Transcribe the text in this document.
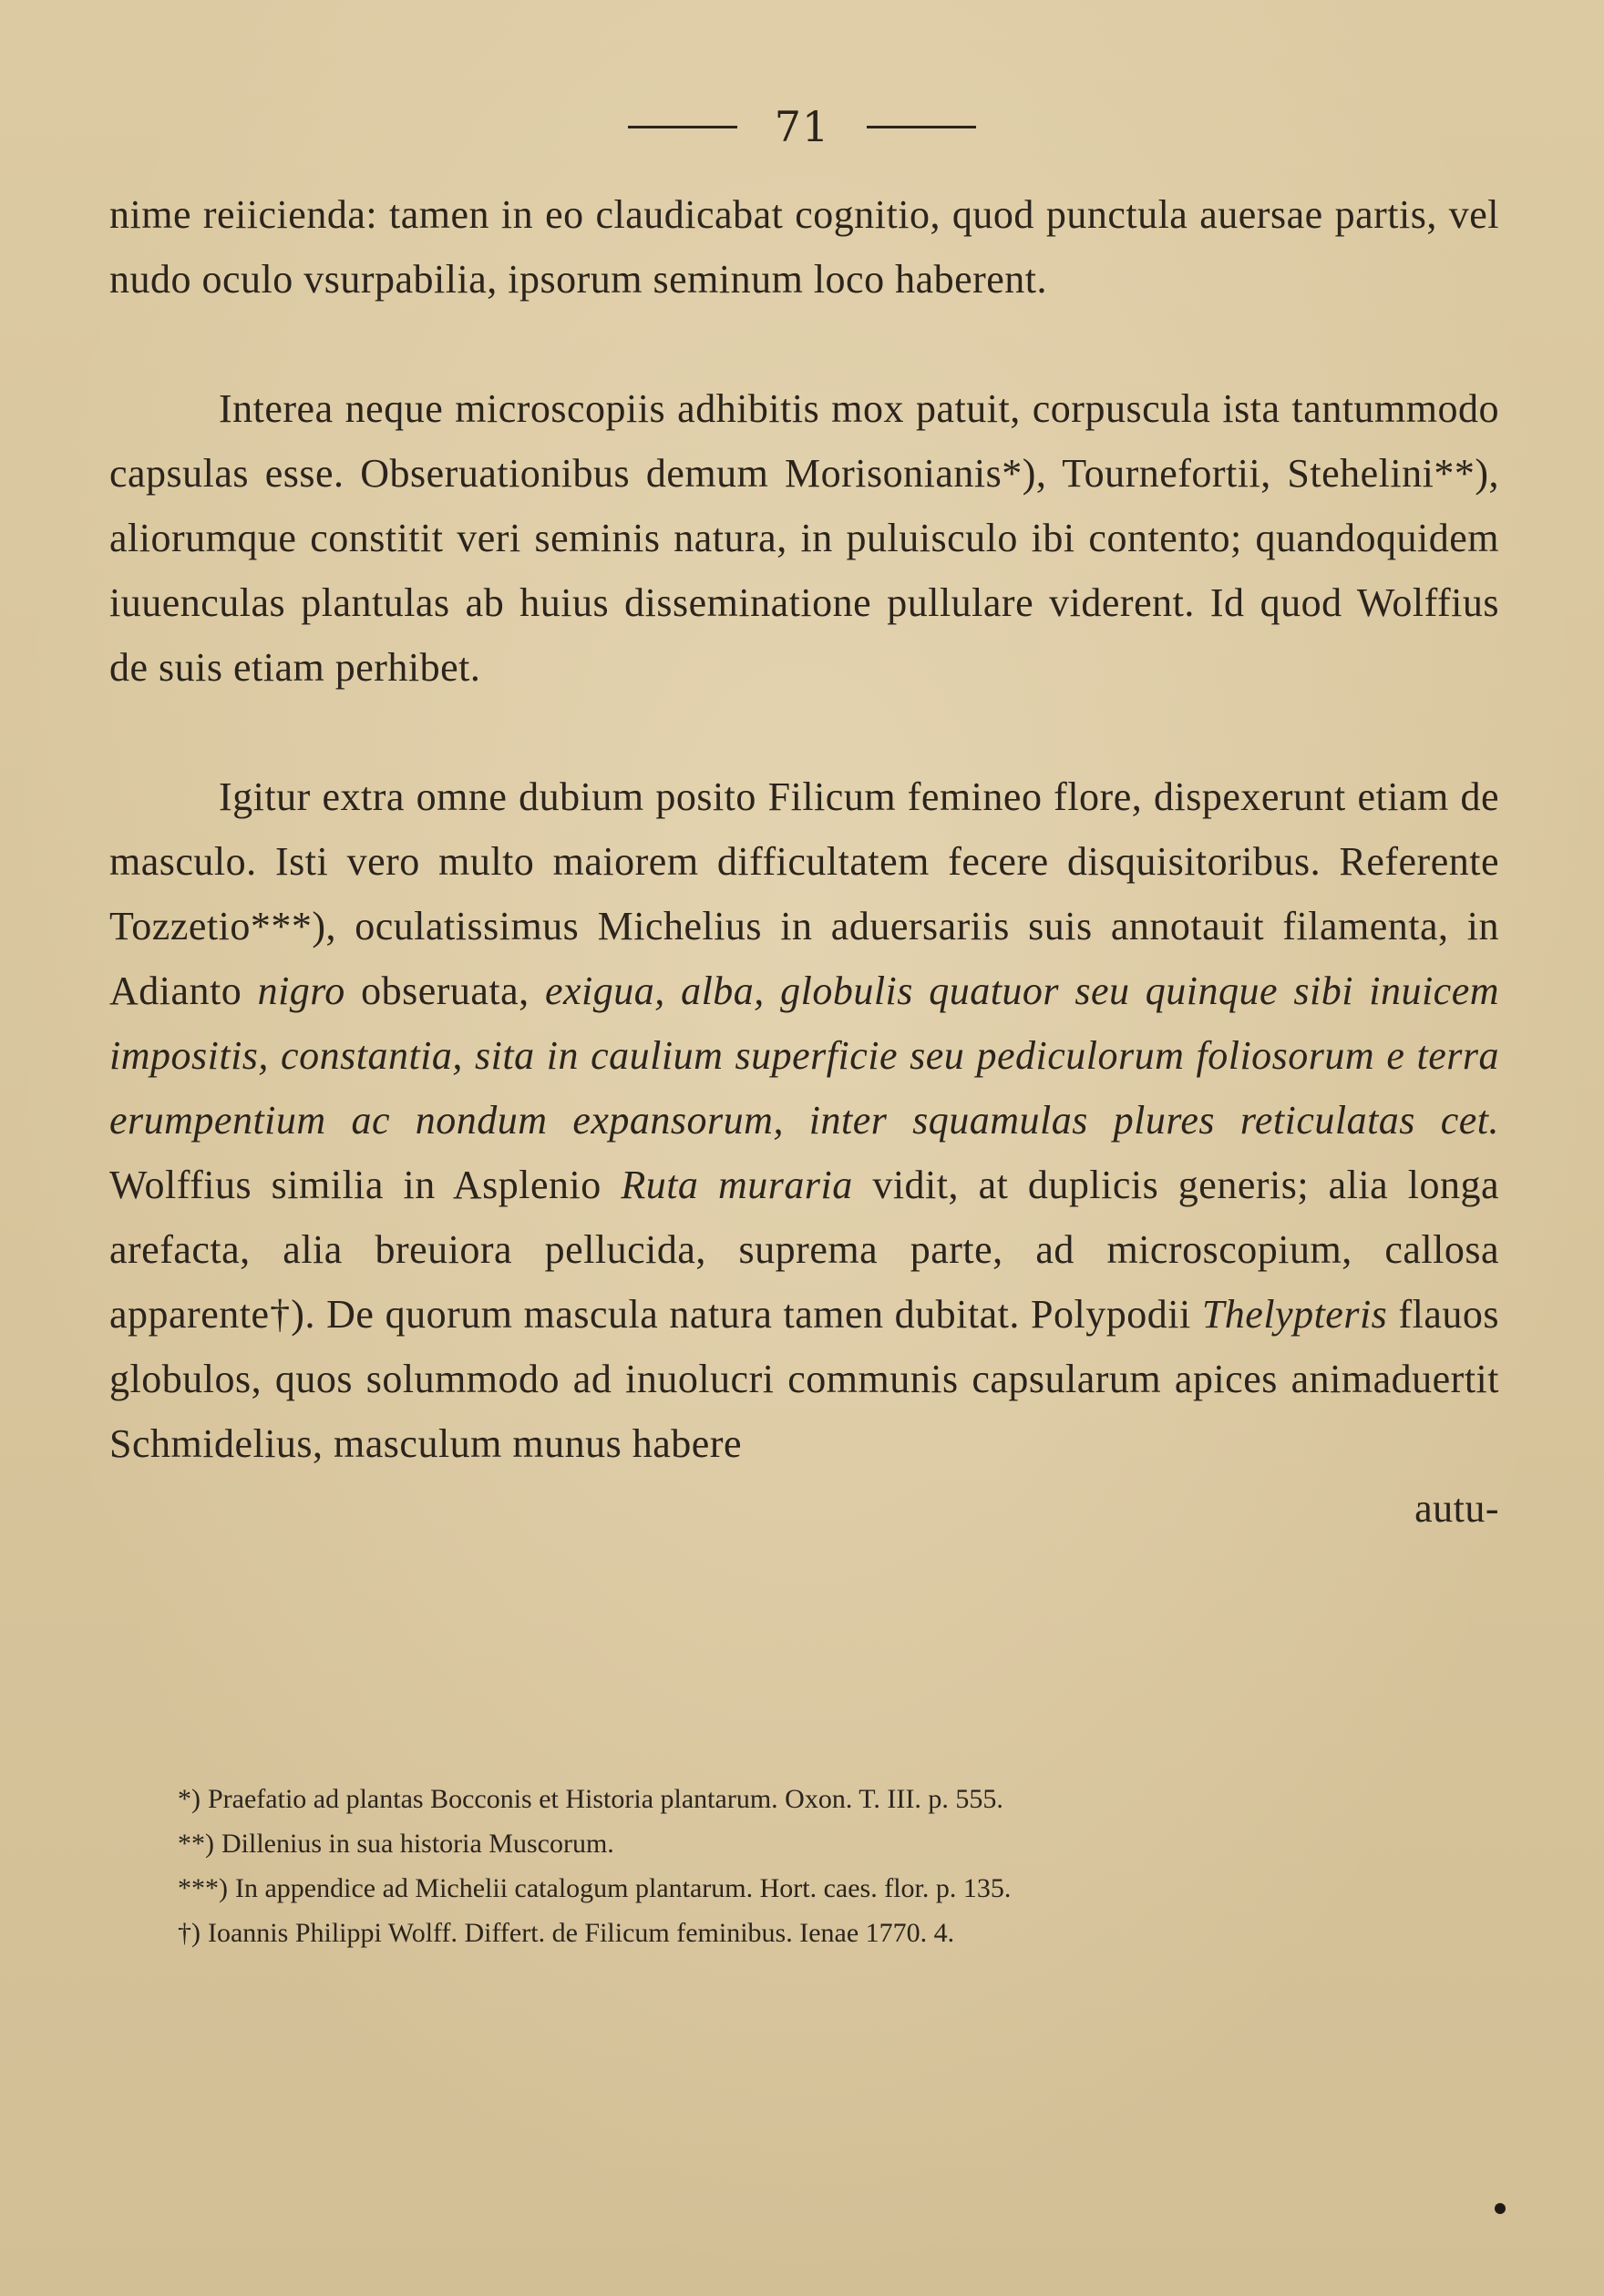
71

nime reiicienda: tamen in eo claudicabat cognitio, quod punctula auersae partis, vel nudo oculo vsurpabilia, ipsorum seminum loco haberent.

Interea neque microscopiis adhibitis mox patuit, corpuscula ista tantummodo capsulas esse. Obseruationibus demum Morisonianis*), Tournefortii, Stehelini**), aliorumque constitit veri seminis natura, in puluisculo ibi contento; quandoquidem iuuenculas plantulas ab huius disseminatione pullulare viderent. Id quod Wolffius de suis etiam perhibet.

Igitur extra omne dubium posito Filicum femineo flore, dispexerunt etiam de masculo. Isti vero multo maiorem difficultatem fecere disquisitoribus. Referente Tozzetio***), oculatissimus Michelius in aduersariis suis annotauit filamenta, in Adianto nigro obseruata, exigua, alba, globulis quatuor seu quinque sibi inuicem impositis, constantia, sita in caulium superficie seu pediculorum foliosorum e terra erumpentium ac nondum expansorum, inter squamulas plures reticulatas cet. Wolffius similia in Asplenio Ruta muraria vidit, at duplicis generis; alia longa arefacta, alia breuiora pellucida, suprema parte, ad microscopium, callosa apparente†). De quorum mascula natura tamen dubitat. Polypodii Thelypteris flauos globulos, quos solummodo ad inuolucri communis capsularum apices animaduertit Schmidelius, masculum munus habere

autu-

*) Praefatio ad plantas Bocconis et Historia plantarum. Oxon. T. III. p. 555.

**) Dillenius in sua historia Muscorum.

***) In appendice ad Michelii catalogum plantarum. Hort. caes. flor. p. 135.

†) Ioannis Philippi Wolff. Differt. de Filicum feminibus. Ienae 1770. 4.
